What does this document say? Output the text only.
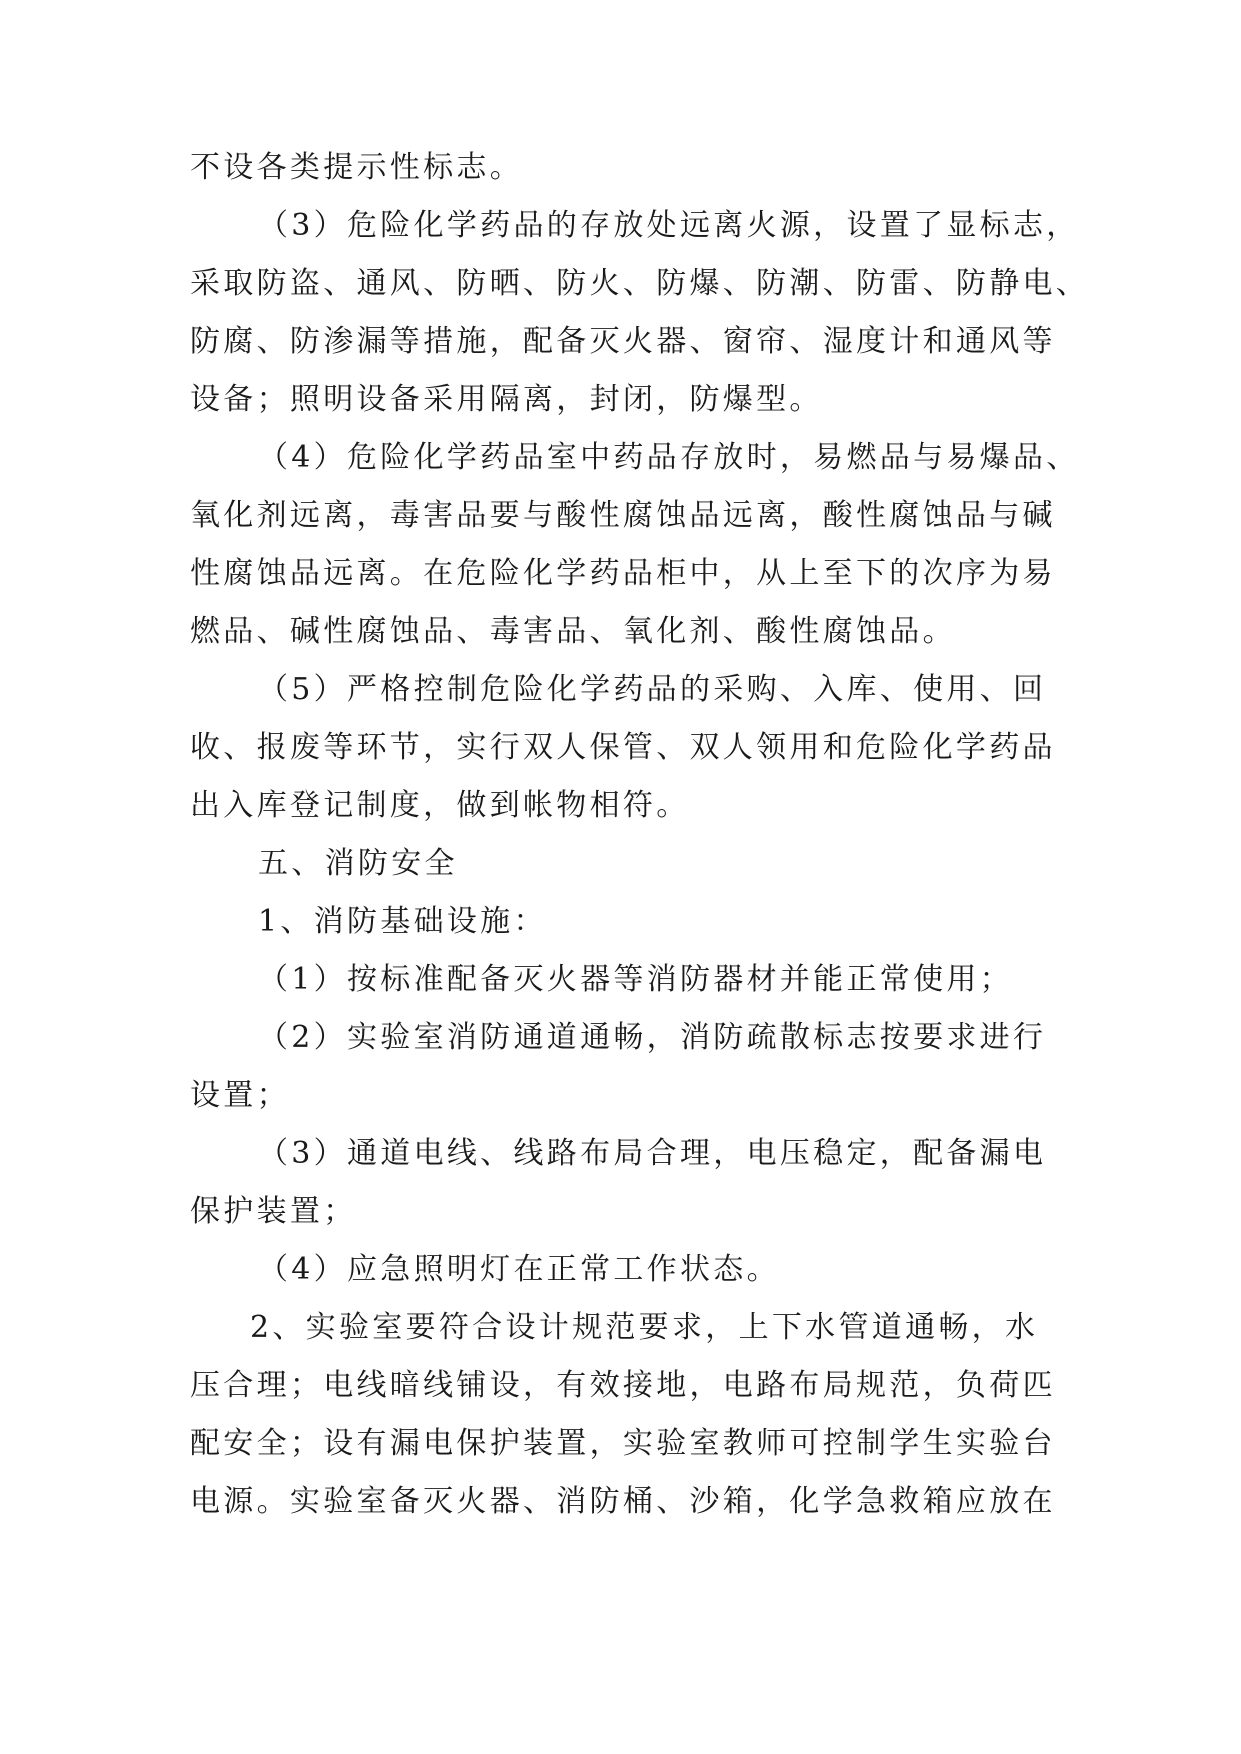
不设各类提示性标志。
（3）危险化学药品的存放处远离火源，设置了显标志，
采取防盗、通风、防晒、防火、防爆、防潮、防雷、防静电、
防腐、防渗漏等措施，配备灭火器、窗帘、湿度计和通风等
设备；照明设备采用隔离，封闭，防爆型。
（4）危险化学药品室中药品存放时，易燃品与易爆品、
氧化剂远离，毒害品要与酸性腐蚀品远离，酸性腐蚀品与碱
性腐蚀品远离。在危险化学药品柜中，从上至下的次序为易
燃品、碱性腐蚀品、毒害品、氧化剂、酸性腐蚀品。
（5）严格控制危险化学药品的采购、入库、使用、回
收、报废等环节，实行双人保管、双人领用和危险化学药品
出入库登记制度，做到帐物相符。
五、消防安全
1、消防基础设施：
（1）按标准配备灭火器等消防器材并能正常使用；
（2）实验室消防通道通畅，消防疏散标志按要求进行
设置；
（3）通道电线、线路布局合理，电压稳定，配备漏电
保护装置；
（4）应急照明灯在正常工作状态。
2、实验室要符合设计规范要求，上下水管道通畅，水
压合理；电线暗线铺设，有效接地，电路布局规范，负荷匹
配安全；设有漏电保护装置，实验室教师可控制学生实验台
电源。实验室备灭火器、消防桶、沙箱，化学急救箱应放在
